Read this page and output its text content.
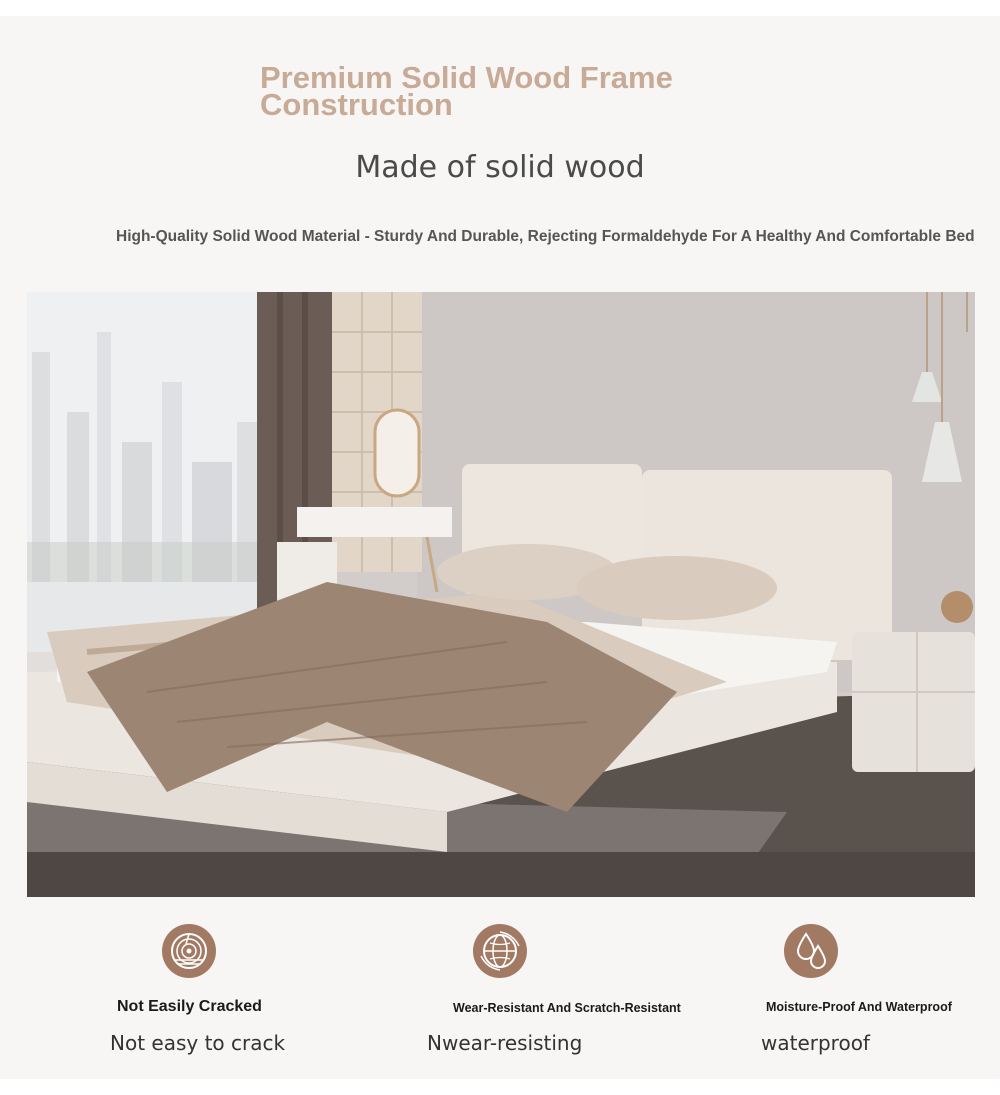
Premium Solid Wood Frame Construction
Made of solid wood
High-Quality Solid Wood Material - Sturdy And Durable, Rejecting Formaldehyde For A Healthy And Comfortable Bed
Not Easily Cracked
Not easy to crack
Wear-Resistant And Scratch-Resistant
Nwear-resisting
Moisture-Proof And Waterproof
waterproof
